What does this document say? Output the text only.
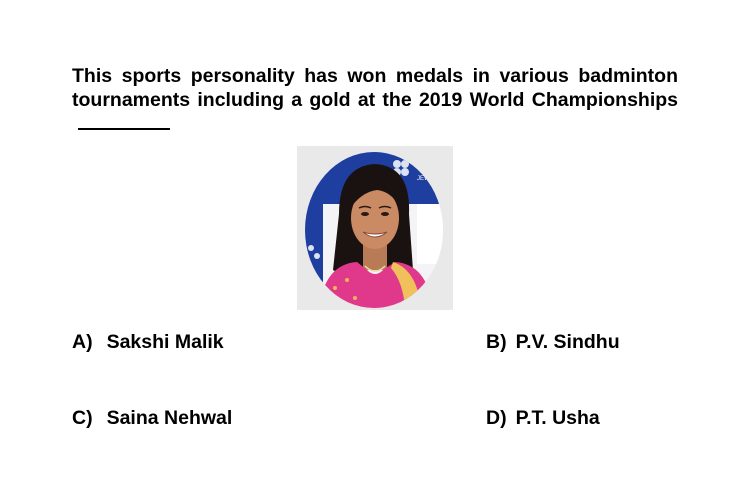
This sports personality has won medals in various badminton tournaments including a gold at the 2019 World Championships

JEW
A) Sakshi Malik	B) P.V. Sindhu
C) Saina Nehwal	D) P.T. Usha
